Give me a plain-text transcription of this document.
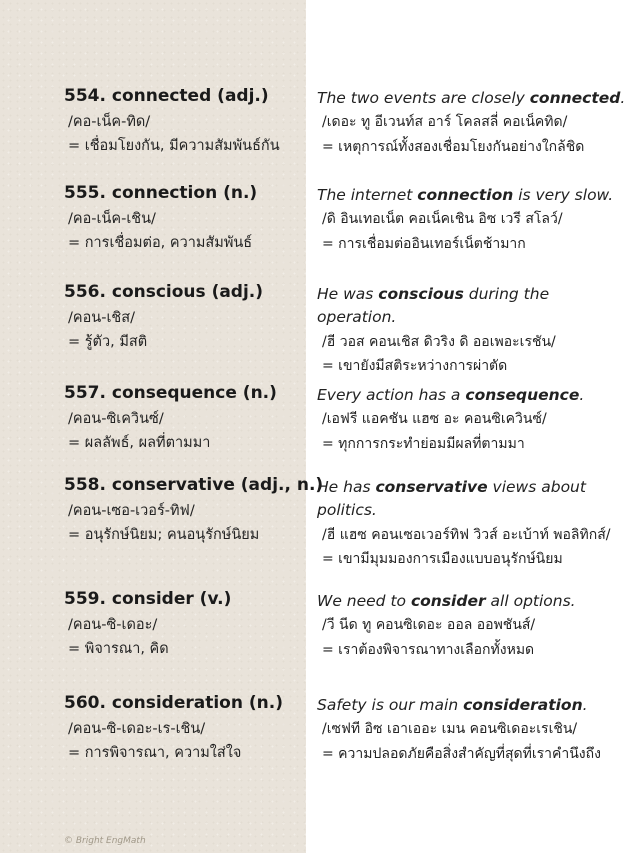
554. connected (adj.)
/คอ-เน็ค-ทิด/
= เชื่อมโยงกัน, มีความสัมพันธ์กัน
The two events are closely connected.
/เดอะ ทู อีเวนท์ส อาร์ โคลสลี่ คอเน็คทิด/
= เหตุการณ์ทั้งสองเชื่อมโยงกันอย่างใกล้ชิด
555. connection (n.)
/คอ-เน็ค-เชิน/
= การเชื่อมต่อ, ความสัมพันธ์
The internet connection is very slow.
/ดิ อินเทอเน็ต คอเน็คเชิน อิซ เวรี สโลว์/
= การเชื่อมต่ออินเทอร์เน็ตช้ามาก
556. conscious (adj.)
/คอน-เชิส/
= รู้ตัว, มีสติ
He was conscious during the operation.
/ฮี วอส คอนเชิส ดิวริง ดิ ออเพอะเรชัน/
= เขายังมีสติระหว่างการผ่าตัด
557. consequence (n.)
/คอน-ซิเควินซ์/
= ผลลัพธ์, ผลที่ตามมา
Every action has a consequence.
/เอฟรี แอคชัน แฮซ อะ คอนซิเควินซ์/
= ทุกการกระทำย่อมมีผลที่ตามมา
558. conservative (adj., n.)
/คอน-เซอ-เวอร์-ทิฟ/
= อนุรักษ์นิยม; คนอนุรักษ์นิยม
He has conservative views about politics.
/ฮี แฮซ คอนเซอเวอร์ทิฟ วิวส์ อะเบ้าท์ พอลิทิกส์/
= เขามีมุมมองการเมืองแบบอนุรักษ์นิยม
559. consider (v.)
/คอน-ซิ-เดอะ/
= พิจารณา, คิด
We need to consider all options.
/วี นีด ทู คอนซิเดอะ ออล ออพชันส์/
= เราต้องพิจารณาทางเลือกทั้งหมด
560. consideration (n.)
/คอน-ซิ-เดอะ-เร-เชิน/
= การพิจารณา, ความใส่ใจ
Safety is our main consideration.
/เซฟที อิซ เอาเออะ เมน คอนซิเดอะเรเชิน/
= ความปลอดภัยคือสิ่งสำคัญที่สุดที่เราคำนึงถึง
© Bright EngMath
